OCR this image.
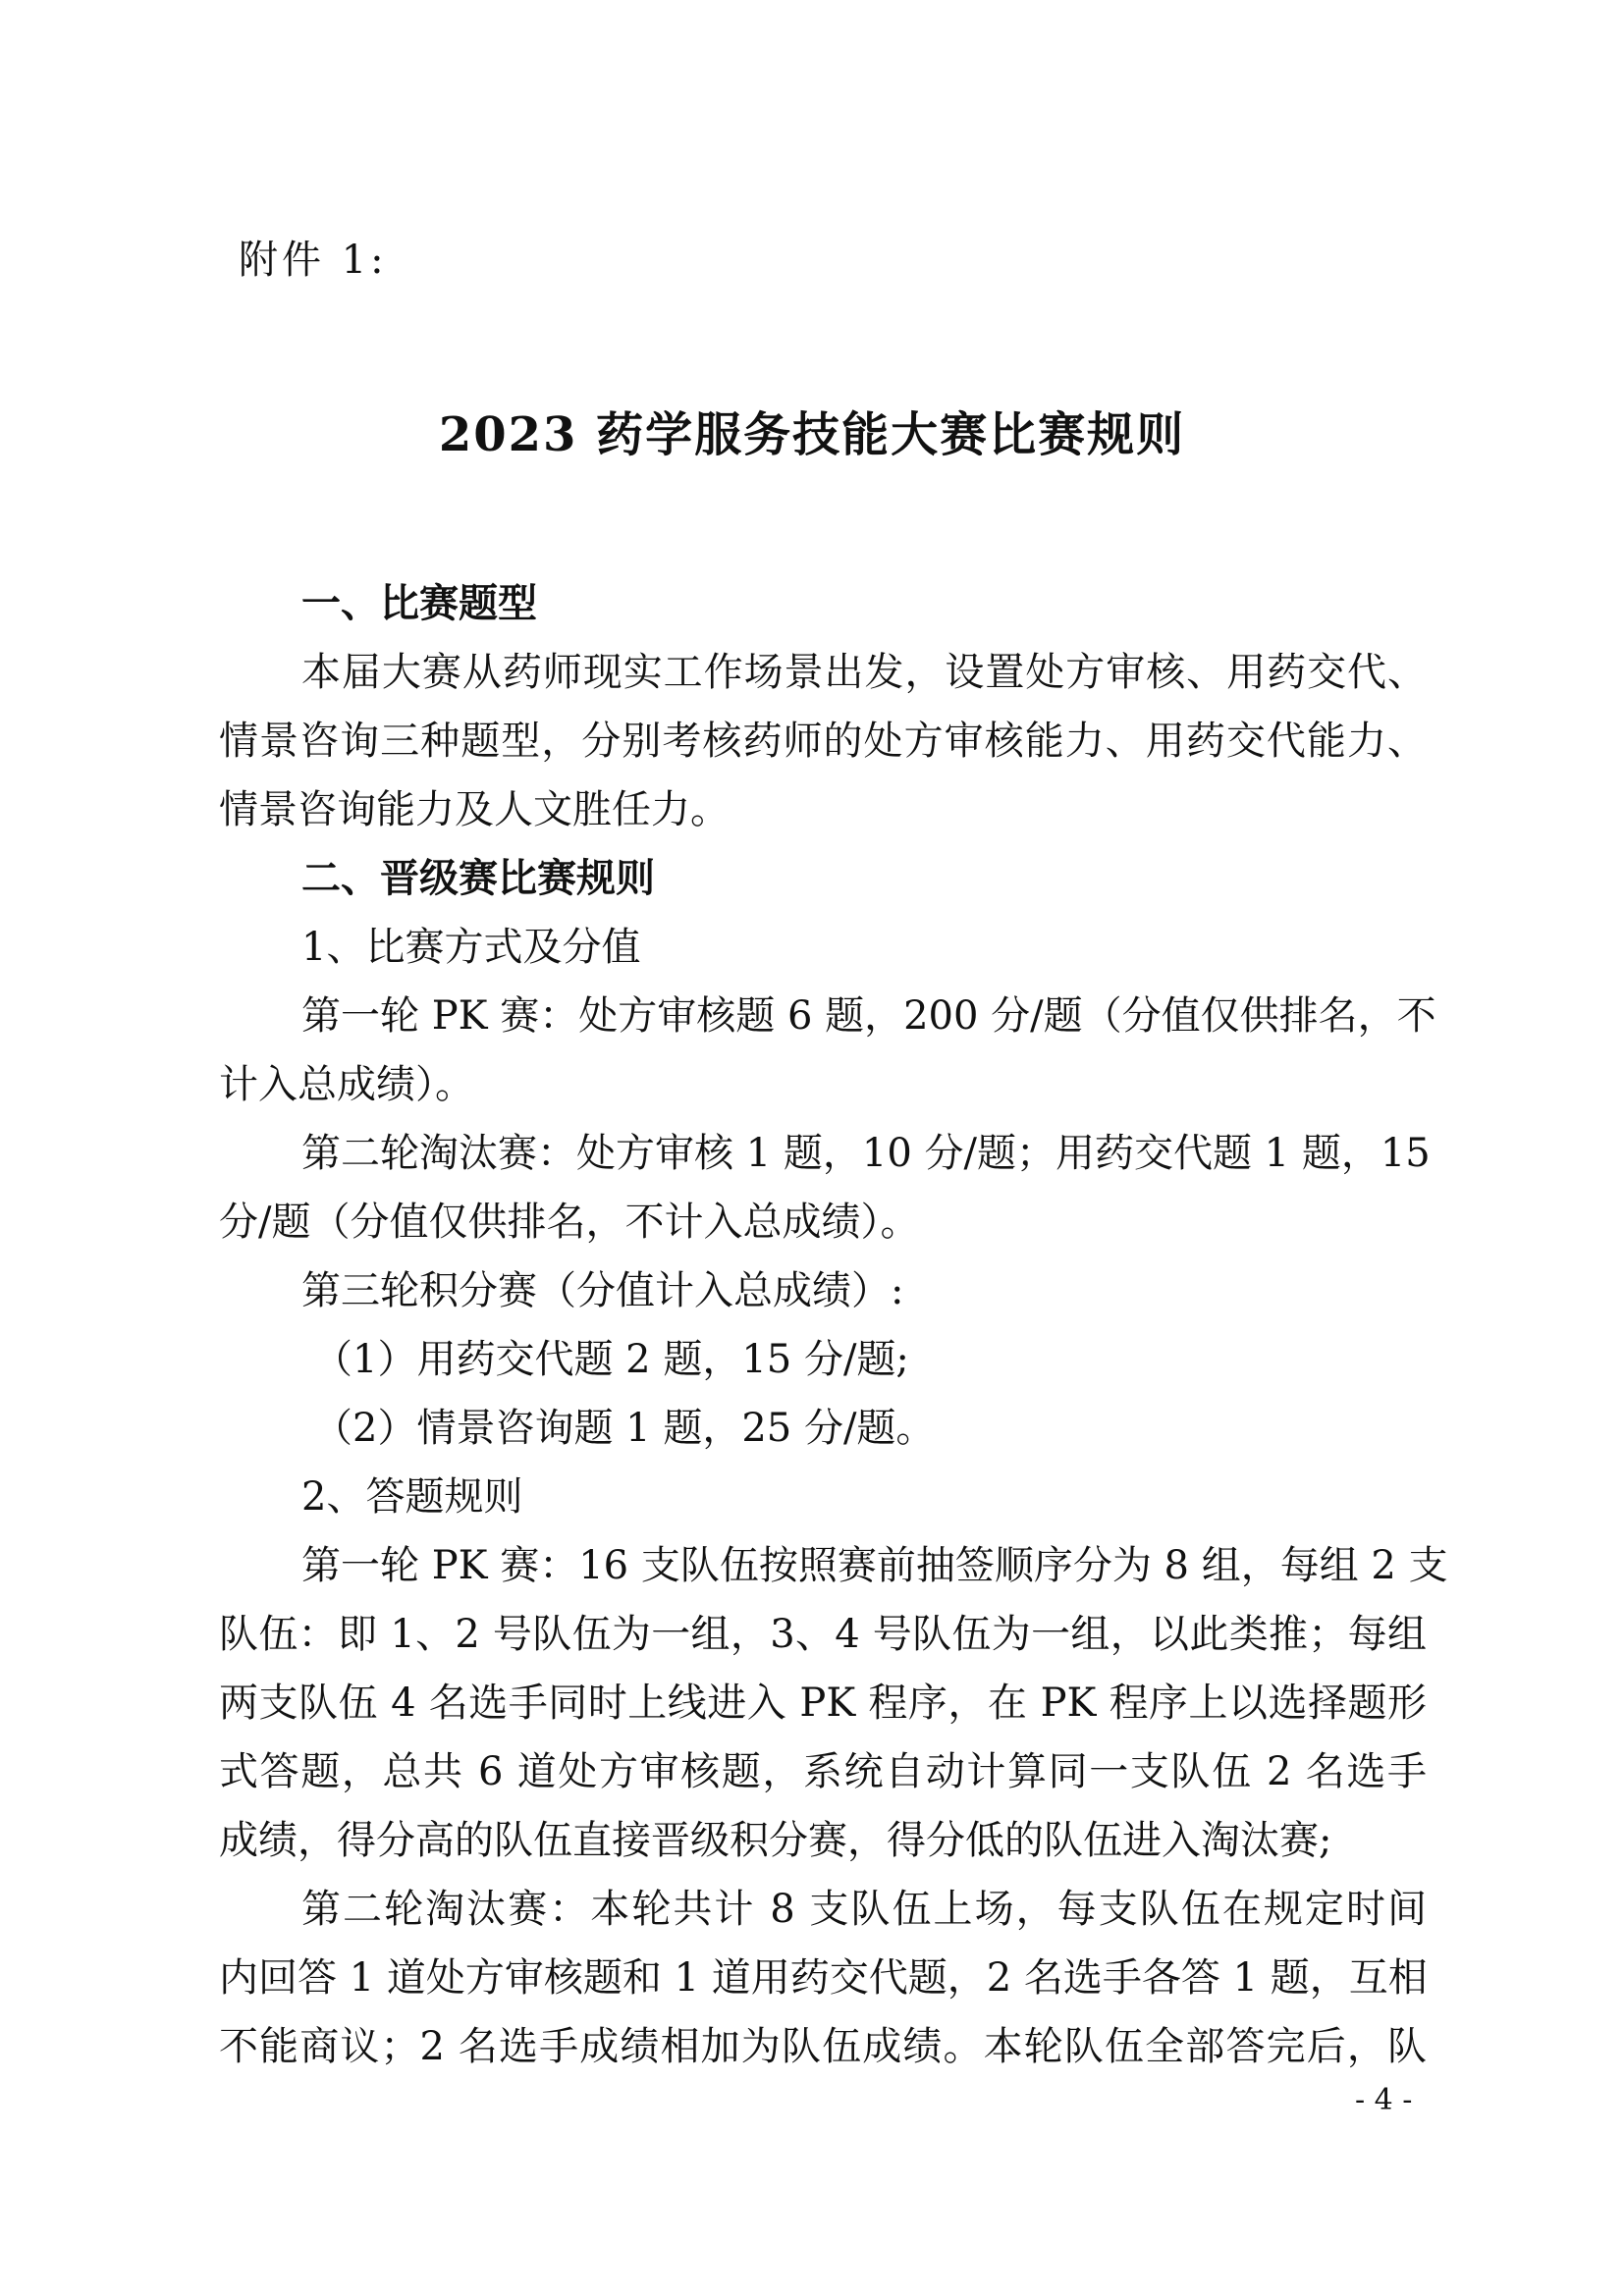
附件 1:
2023 药学服务技能大赛比赛规则
一、比赛题型
本届大赛从药师现实工作场景出发，设置处方审核、用药交代、
情景咨询三种题型，分别考核药师的处方审核能力、用药交代能力、
情景咨询能力及人文胜任力。
二、晋级赛比赛规则
1、比赛方式及分值
第一轮 PK 赛：处方审核题 6 题，200 分/题（分值仅供排名，不
计入总成绩）。
第二轮淘汰赛：处方审核 1 题，10 分/题；用药交代题 1 题，15
分/题（分值仅供排名，不计入总成绩）。
第三轮积分赛（分值计入总成绩）:
（1）用药交代题 2 题，15 分/题;
（2）情景咨询题 1 题，25 分/题。
2、答题规则
第一轮 PK 赛：16 支队伍按照赛前抽签顺序分为 8 组，每组 2 支
队伍：即 1、2 号队伍为一组，3、4 号队伍为一组，以此类推；每组
两支队伍 4 名选手同时上线进入 PK 程序，在 PK 程序上以选择题形
式答题，总共 6 道处方审核题，系统自动计算同一支队伍 2 名选手
成绩，得分高的队伍直接晋级积分赛，得分低的队伍进入淘汰赛;
第二轮淘汰赛：本轮共计 8 支队伍上场，每支队伍在规定时间
内回答 1 道处方审核题和 1 道用药交代题，2 名选手各答 1 题，互相
不能商议；2 名选手成绩相加为队伍成绩。本轮队伍全部答完后，队
- 4 -
